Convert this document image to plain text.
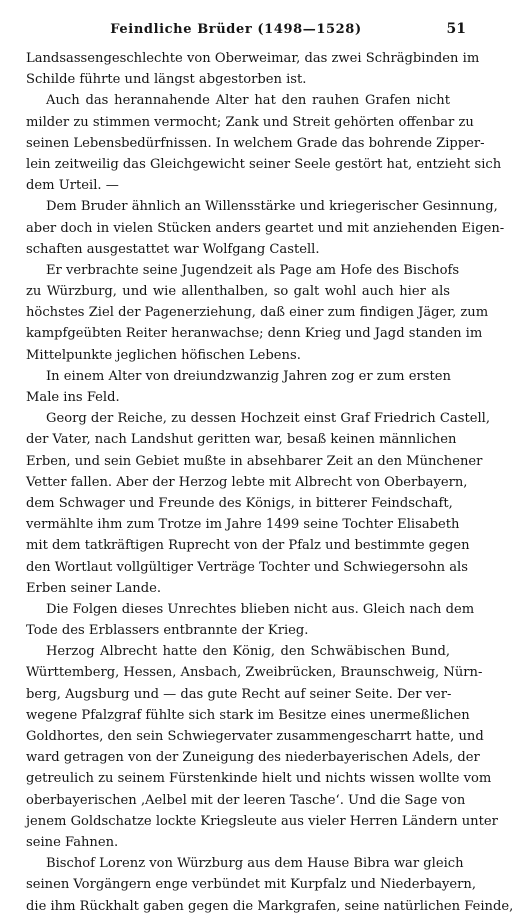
Feindliche Brüder (1498—1528)	51
Landsassengeschlechte von Oberweimar, das zwei Schrägbinden im
Schilde führte und längst abgestorben ist.
Auch das herannahende Alter hat den rauhen Grafen nicht
milder zu stimmen vermocht; Zank und Streit gehörten offenbar zu
seinen Lebensbedürfnissen. In welchem Grade das bohrende Zipper-
lein zeitweilig das Gleichgewicht seiner Seele gestört hat, entzieht sich
dem Urteil. —
Dem Bruder ähnlich an Willensstärke und kriegerischer Gesinnung,
aber doch in vielen Stücken anders geartet und mit anziehenden Eigen-
schaften ausgestattet war Wolfgang Castell.
Er verbrachte seine Jugendzeit als Page am Hofe des Bischofs
zu Würzburg, und wie allenthalben, so galt wohl auch hier als
höchstes Ziel der Pagenerziehung, daß einer zum findigen Jäger, zum
kampfgeübten Reiter heranwachse; denn Krieg und Jagd standen im
Mittelpunkte jeglichen höfischen Lebens.
In einem Alter von dreiundzwanzig Jahren zog er zum ersten
Male ins Feld.
Georg der Reiche, zu dessen Hochzeit einst Graf Friedrich Castell,
der Vater, nach Landshut geritten war, besaß keinen männlichen
Erben, und sein Gebiet mußte in absehbarer Zeit an den Münchener
Vetter fallen. Aber der Herzog lebte mit Albrecht von Oberbayern,
dem Schwager und Freunde des Königs, in bitterer Feindschaft,
vermählte ihm zum Trotze im Jahre 1499 seine Tochter Elisabeth
mit dem tatkräftigen Ruprecht von der Pfalz und bestimmte gegen
den Wortlaut vollgültiger Verträge Tochter und Schwiegersohn als
Erben seiner Lande.
Die Folgen dieses Unrechtes blieben nicht aus. Gleich nach dem
Tode des Erblassers entbrannte der Krieg.
Herzog Albrecht hatte den König, den Schwäbischen Bund,
Württemberg, Hessen, Ansbach, Zweibrücken, Braunschweig, Nürn-
berg, Augsburg und — das gute Recht auf seiner Seite. Der ver-
wegene Pfalzgraf fühlte sich stark im Besitze eines unermeßlichen
Goldhortes, den sein Schwiegervater zusammengescharrt hatte, und
ward getragen von der Zuneigung des niederbayerischen Adels, der
getreulich zu seinem Fürstenkinde hielt und nichts wissen wollte vom
oberbayerischen ‚Aelbel mit der leeren Tasche‘. Und die Sage von
jenem Goldschatze lockte Kriegsleute aus vieler Herren Ländern unter
seine Fahnen.
Bischof Lorenz von Würzburg aus dem Hause Bibra war gleich
seinen Vorgängern enge verbündet mit Kurpfalz und Niederbayern,
die ihm Rückhalt gaben gegen die Markgrafen, seine natürlichen Feinde,
